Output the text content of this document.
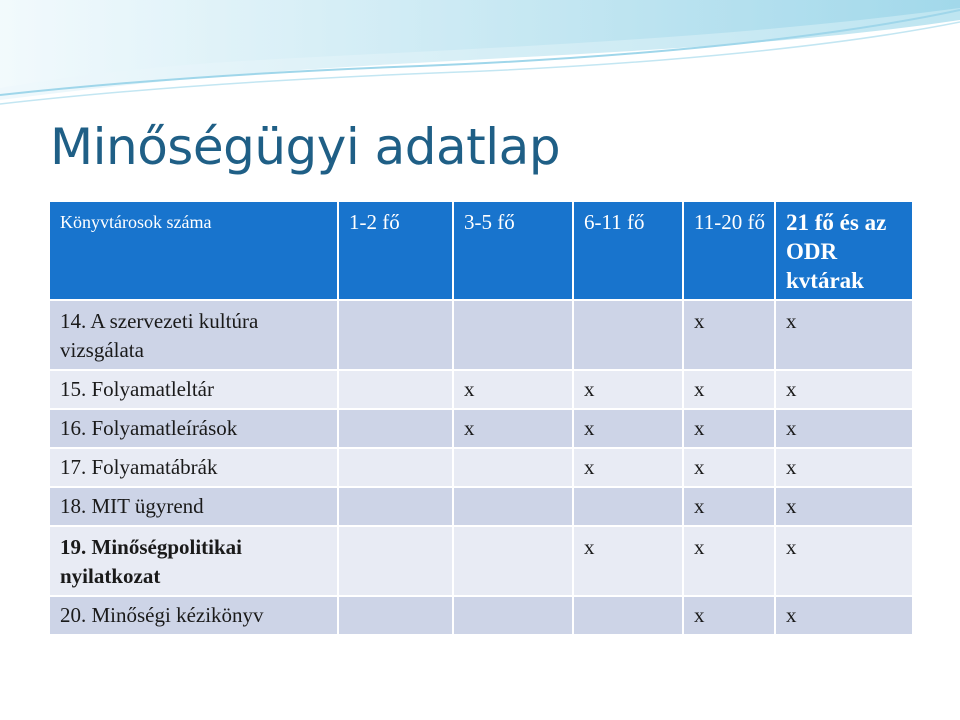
Minőségügyi adatlap
Könyvtárosok száma	1-2 fő	3-5 fő	6-11 fő	11-20 fő	21 fő és az ODR kvtárak
14. A szervezeti kultúra vizsgálata				x	x
15. Folyamatleltár		x	x	x	x
16. Folyamatleírások		x	x	x	x
17. Folyamatábrák			x	x	x
18. MIT ügyrend				x	x
19. Minőségpolitikai nyilatkozat			x	x	x
20. Minőségi kézikönyv				x	x
